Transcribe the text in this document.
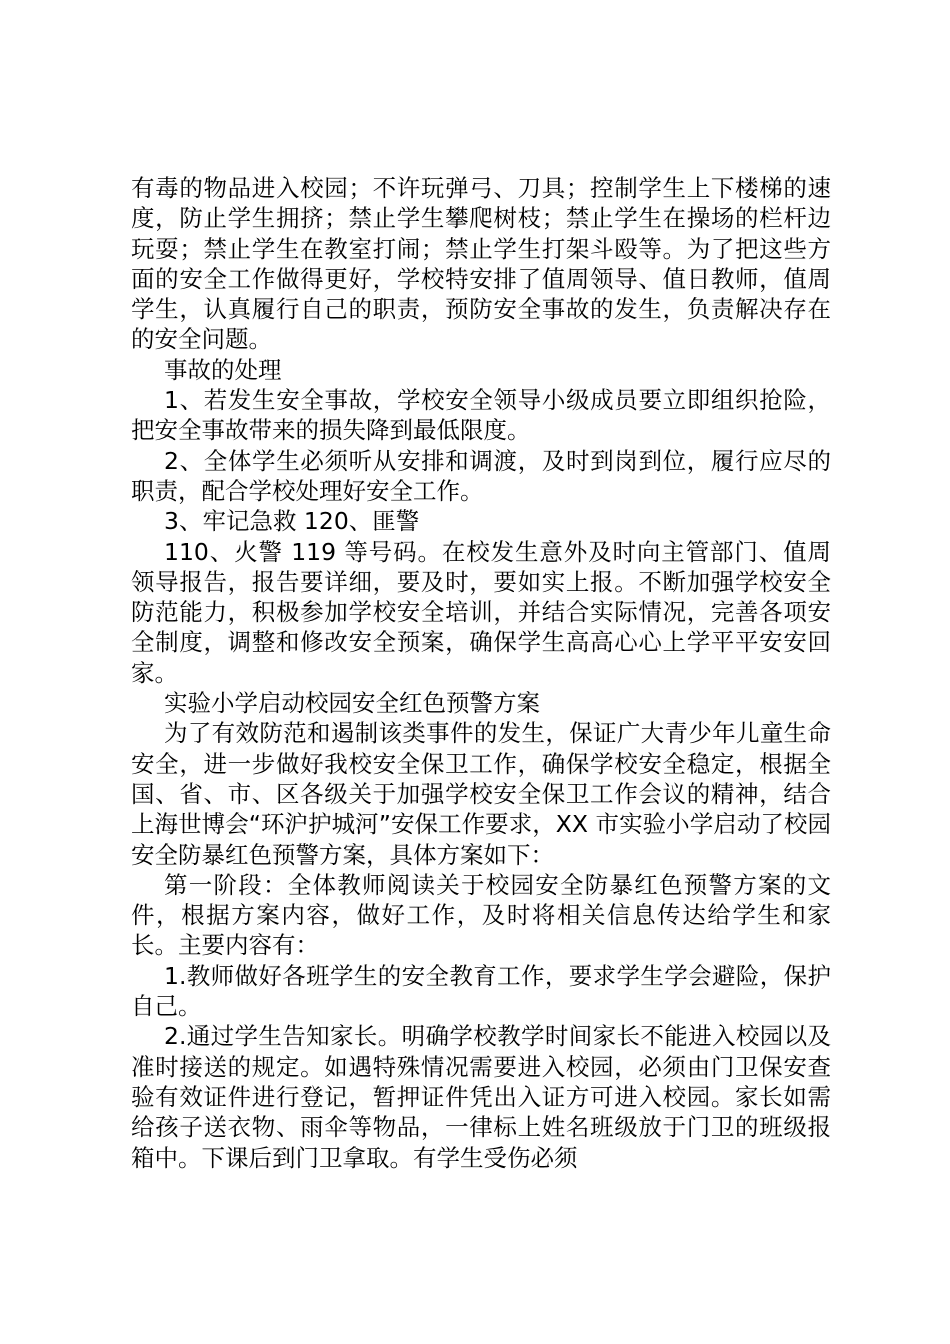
有毒的物品进入校园；不许玩弹弓、刀具；控制学生上下楼梯的速度，防止学生拥挤；禁止学生攀爬树枝；禁止学生在操场的栏杆边玩耍；禁止学生在教室打闹；禁止学生打架斗殴等。为了把这些方面的安全工作做得更好，学校特安排了值周领导、值日教师，值周学生，认真履行自己的职责，预防安全事故的发生，负责解决存在的安全问题。

事故的处理

1、若发生安全事故，学校安全领导小级成员要立即组织抢险，把安全事故带来的损失降到最低限度。

2、全体学生必须听从安排和调渡，及时到岗到位，履行应尽的职责，配合学校处理好安全工作。

3、牢记急救 120、匪警

110、火警 119 等号码。在校发生意外及时向主管部门、值周领导报告，报告要详细，要及时，要如实上报。不断加强学校安全防范能力，积极参加学校安全培训，并结合实际情况，完善各项安全制度，调整和修改安全预案，确保学生高高心心上学平平安安回家。

实验小学启动校园安全红色预警方案

为了有效防范和遏制该类事件的发生，保证广大青少年儿童生命安全，进一步做好我校安全保卫工作，确保学校安全稳定，根据全国、省、市、区各级关于加强学校安全保卫工作会议的精神，结合上海世博会“环沪护城河”安保工作要求，XX 市实验小学启动了校园安全防暴红色预警方案，具体方案如下：

第一阶段：全体教师阅读关于校园安全防暴红色预警方案的文件，根据方案内容，做好工作，及时将相关信息传达给学生和家长。主要内容有：

1.教师做好各班学生的安全教育工作，要求学生学会避险，保护自己。

2.通过学生告知家长。明确学校教学时间家长不能进入校园以及准时接送的规定。如遇特殊情况需要进入校园，必须由门卫保安查验有效证件进行登记，暂押证件凭出入证方可进入校园。家长如需给孩子送衣物、雨伞等物品，一律标上姓名班级放于门卫的班级报箱中。下课后到门卫拿取。有学生受伤必须
